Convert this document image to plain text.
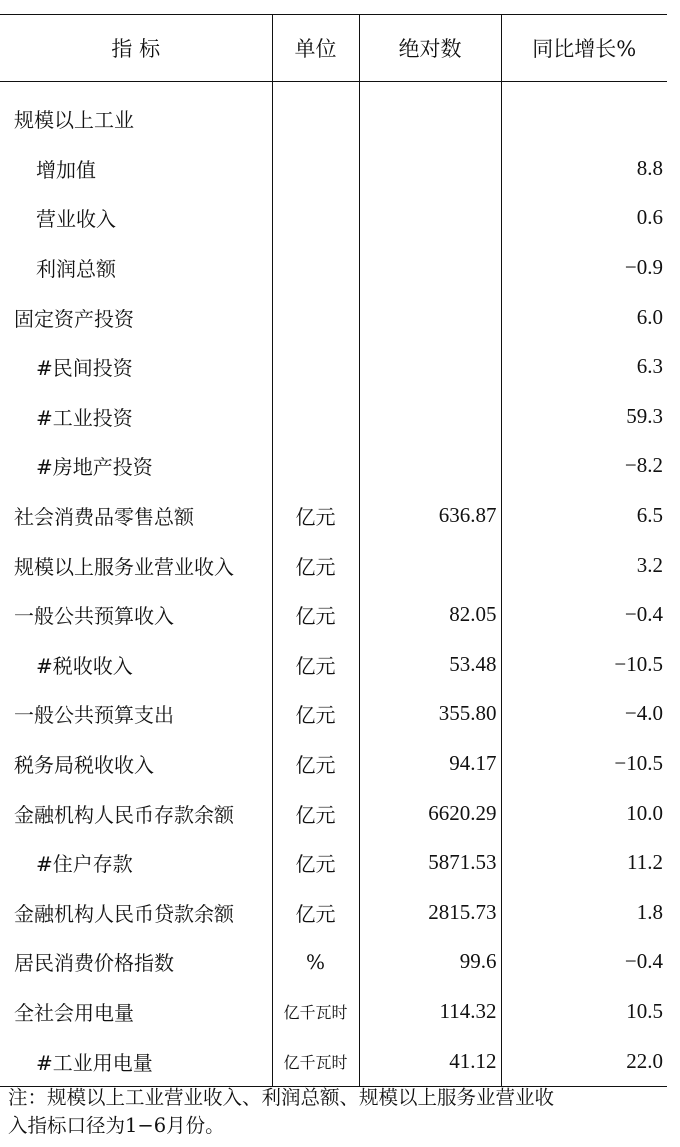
指 标	单位	绝对数	同比增长%
规模以上工业			
增加值			8.8
营业收入			0.6
利润总额			−0.9
固定资产投资			6.0
#民间投资			6.3
#工业投资			59.3
#房地产投资			−8.2
社会消费品零售总额	亿元	636.87	6.5
规模以上服务业营业收入	亿元		3.2
一般公共预算收入	亿元	82.05	−0.4
#税收收入	亿元	53.48	−10.5
一般公共预算支出	亿元	355.80	−4.0
税务局税收收入	亿元	94.17	−10.5
金融机构人民币存款余额	亿元	6620.29	10.0
#住户存款	亿元	5871.53	11.2
金融机构人民币贷款余额	亿元	2815.73	1.8
居民消费价格指数	%	99.6	−0.4
全社会用电量	亿千瓦时	114.32	10.5
#工业用电量	亿千瓦时	41.12	22.0

注：规模以上工业营业收入、利润总额、规模以上服务业营业收

入指标口径为1−6月份。
